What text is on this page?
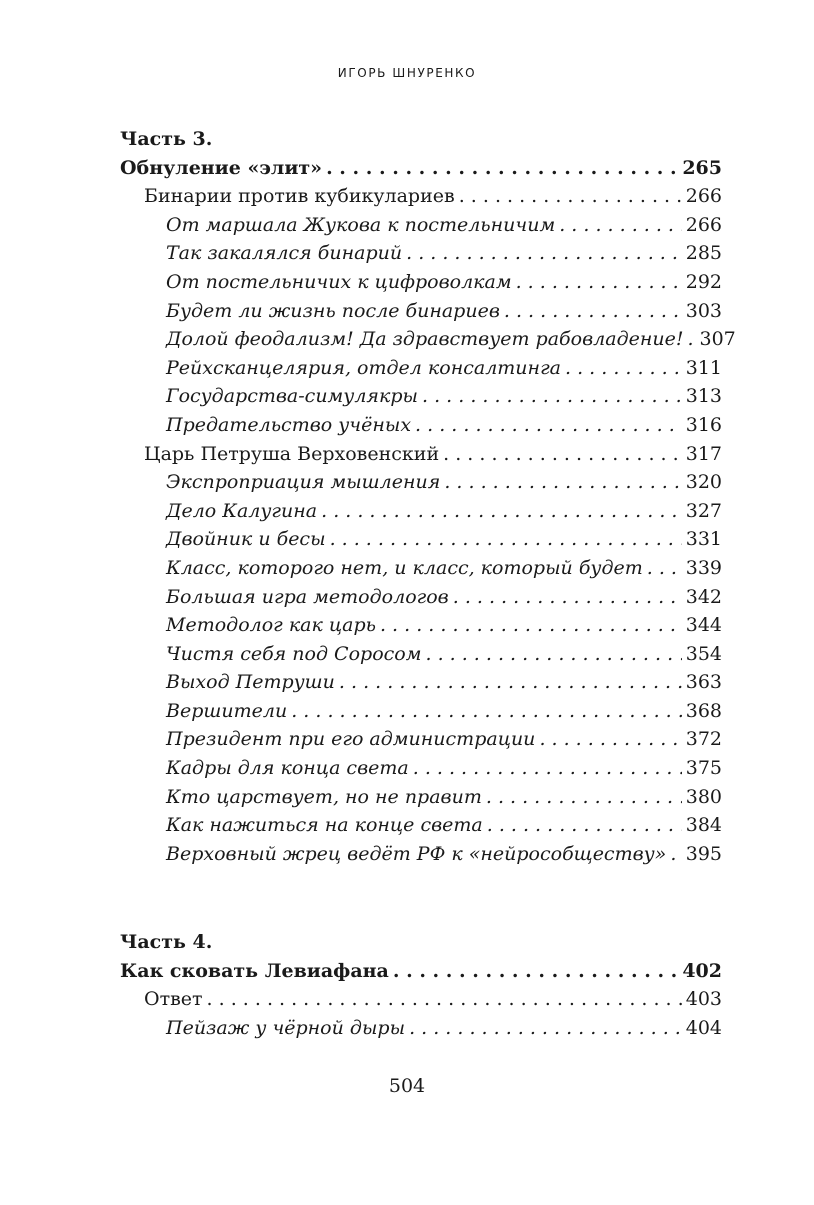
ИГОРЬ ШНУРЕНКО
Часть 3.
Обнуление «элит» . . .	265
Бинарии против кубикулариев . . .	266
От маршала Жукова к постельничим . . .	266
Так закалялся бинарий . . .	285
От постельничих к цифроволкам . . .	292
Будет ли жизнь после бинариев . . .	303
Долой феодализм! Да здравствует рабовладение! . . . 307
Рейхсканцелярия, отдел консалтинга . . .	311
Государства-симулякры . . .	313
Предательство учёных . . .	316
Царь Петруша Верховенский . . .	317
Экспроприация мышления . . .	320
Дело Калугина . . .	327
Двойник и бесы . . .	331
Класс, которого нет, и класс, который будет . . . 339
Большая игра методологов . . .	342
Методолог как царь . . .	344
Чистя себя под Соросом . . .	354
Выход Петруши . . .	363
Вершители . . .	368
Президент при его администрации . . .	372
Кадры для конца света . . .	375
Кто царствует, но не правит . . .	380
Как нажиться на конце света . . .	384
Верховный жрец ведёт РФ к «нейрособществу» . . . 395
Часть 4.
Как сковать Левиафана . . .	402
Ответ . . .	403
Пейзаж у чёрной дыры . . .	404
504
